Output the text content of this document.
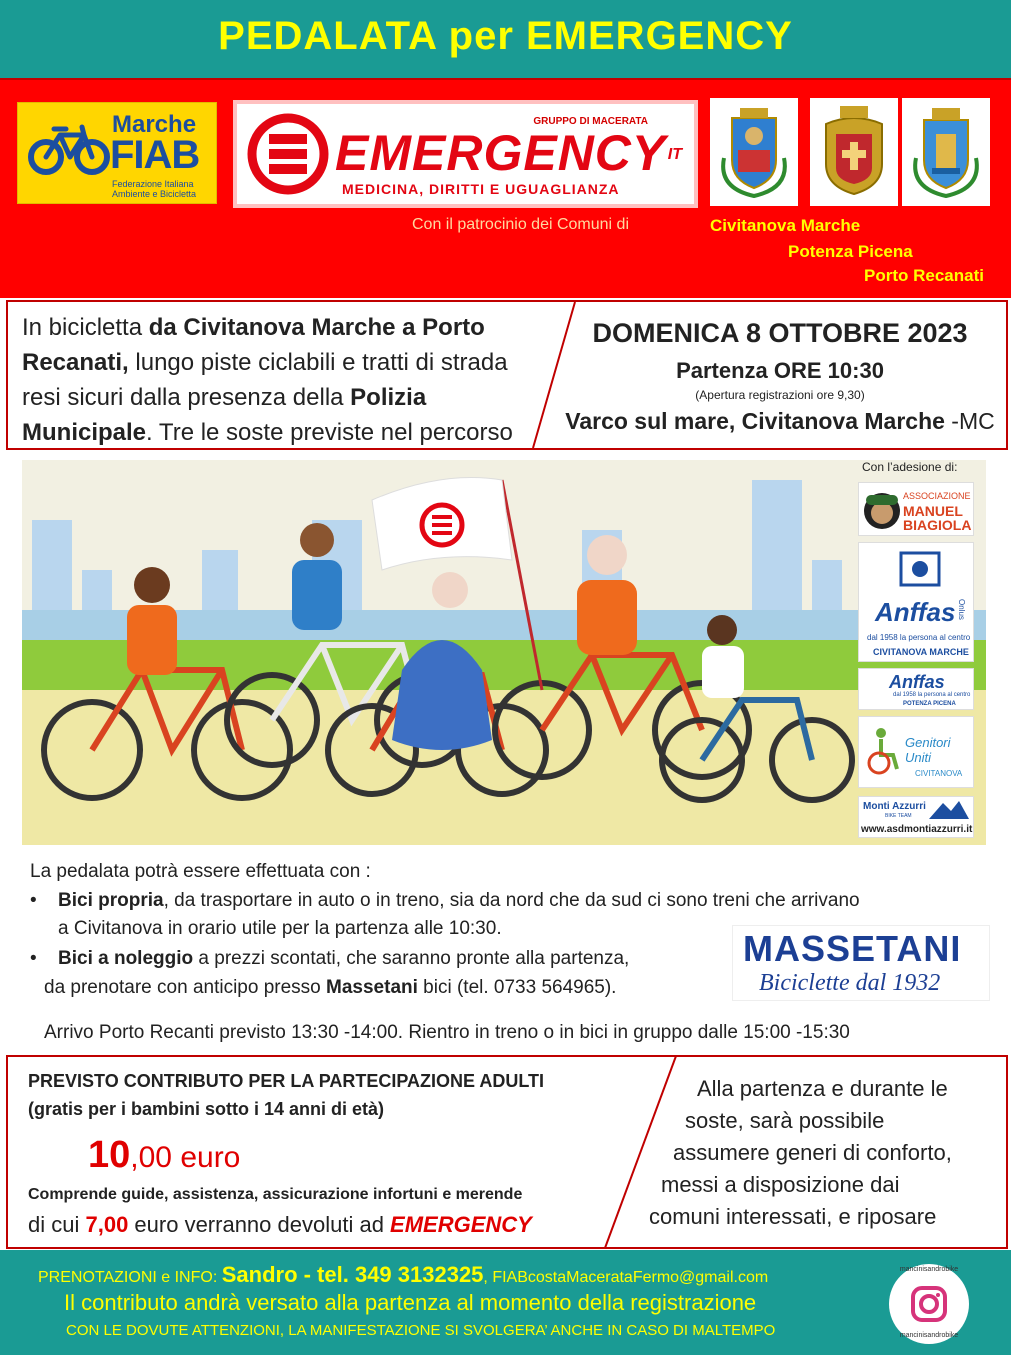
PEDALATA per EMERGENCY
Marche
FIAB
Federazione Italiana
Ambiente e Bicicletta
GRUPPO DI MACERATA
EMERGENCY IT
MEDICINA, DIRITTI E UGUAGLIANZA
Con il patrocinio dei Comuni di	Civitanova Marche
Potenza Picena
Porto Recanati
In bicicletta da Civitanova Marche a Porto
Recanati, lungo piste ciclabili e tratti di strada
resi sicuri dalla presenza della Polizia
Municipale. Tre le soste previste nel percorso
DOMENICA 8 OTTOBRE 2023
Partenza ORE 10:30
(Apertura registrazioni ore 9,30)
Varco sul mare, Civitanova Marche -MC
Con l’adesione di:
ASSOCIAZIONE
MANUEL
BIAGIOLA
Anffas Onlus
dal 1958 la persona al centro
CIVITANOVA MARCHE
Anffas
dal 1958 la persona al centro
POTENZA PICENA
Genitori Uniti
CIVITANOVA
Monti Azzurri
BIKE TEAM
www.asdmontiazzurri.it
La pedalata potrà essere effettuata con :
• Bici propria, da trasportare in auto o in treno, sia da nord che da sud ci sono treni che arrivano
a Civitanova in orario utile per la partenza alle 10:30.
• Bici a noleggio a prezzi scontati, che saranno pronte alla partenza,
da prenotare con anticipo presso Massetani bici (tel. 0733 564965).
MASSETANI
Biciclette dal 1932
Arrivo Porto Recanti previsto 13:30 -14:00. Rientro in treno o in bici in gruppo dalle 15:00 -15:30
PREVISTO CONTRIBUTO PER LA PARTECIPAZIONE ADULTI
(gratis per i bambini sotto i 14 anni di età)
10,00 euro
Comprende guide, assistenza, assicurazione infortuni e merende
di cui 7,00 euro verranno devoluti ad EMERGENCY
Alla partenza e durante le
soste, sarà possibile
assumere generi di conforto,
messi a disposizione dai
comuni interessati, e riposare
PRENOTAZIONI e INFO: Sandro - tel. 349 3132325, FIABcostaMacerataFermo@gmail.com
Il contributo andrà versato alla partenza al momento della registrazione
CON LE DOVUTE ATTENZIONI, LA MANIFESTAZIONE SI SVOLGERA’ ANCHE IN CASO DI MALTEMPO
mancinisandrobike
mancinisandrobike
